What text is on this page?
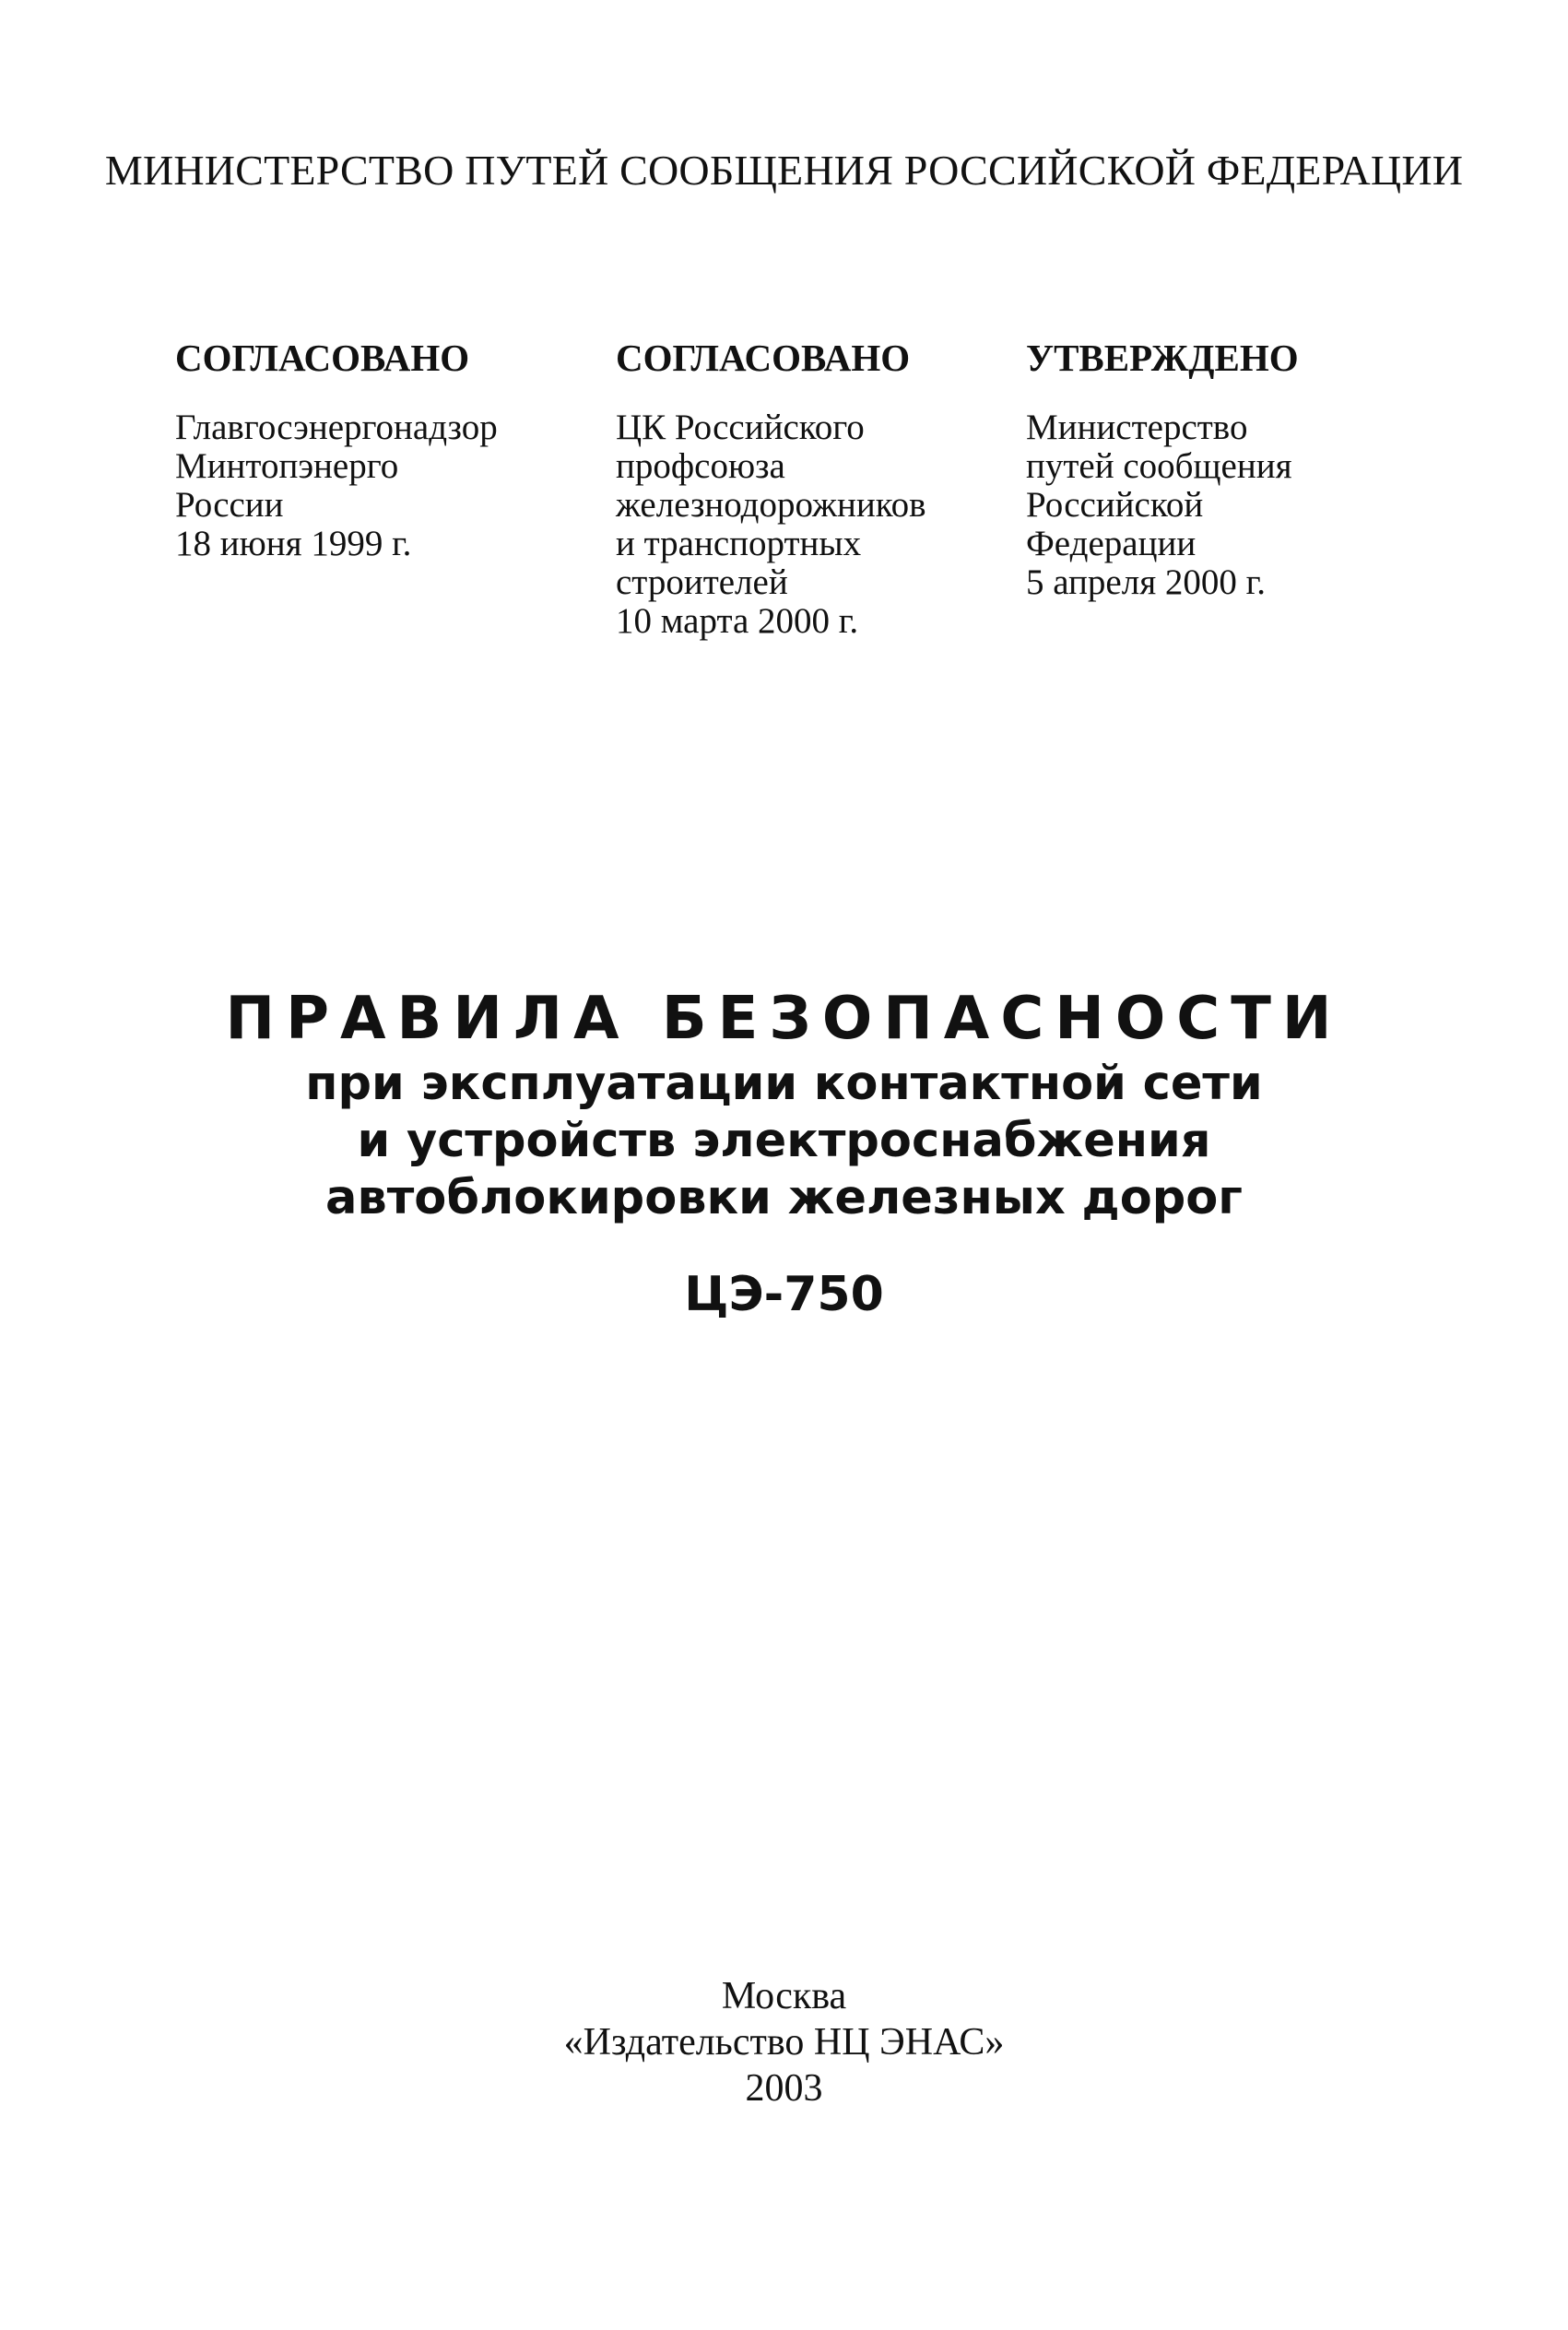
МИНИСТЕРСТВО ПУТЕЙ СООБЩЕНИЯ РОССИЙСКОЙ ФЕДЕРАЦИИ
СОГЛАСОВАНО
Главгосэнергонадзор
Минтопэнерго
России
18 июня 1999 г.
СОГЛАСОВАНО
ЦК Российского
профсоюза
железнодорожников
и транспортных
строителей
10 марта 2000 г.
УТВЕРЖДЕНО
Министерство
путей сообщения
Российской
Федерации
5 апреля 2000 г.
ПРАВИЛА БЕЗОПАСНОСТИ
при эксплуатации контактной сети
и устройств электроснабжения
автоблокировки железных дорог
ЦЭ-750
Москва
«Издательство НЦ ЭНАС»
2003
